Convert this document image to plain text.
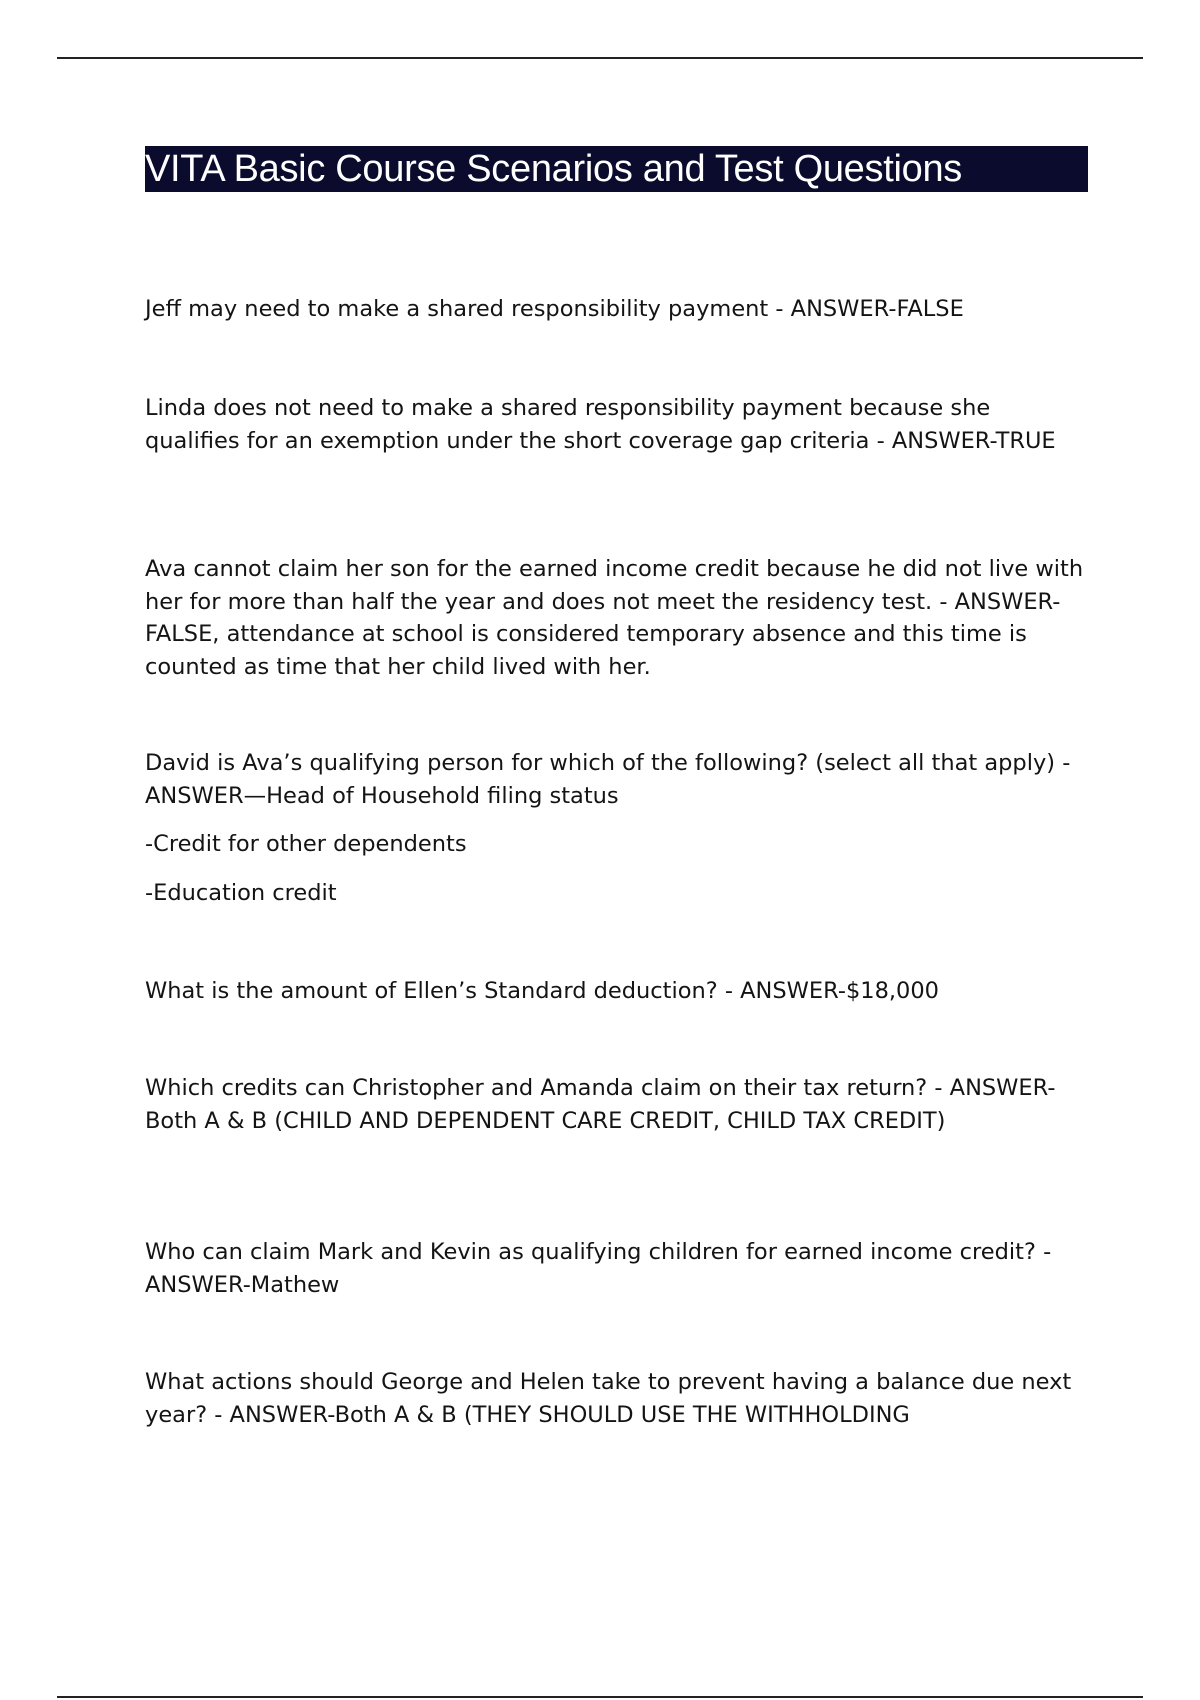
VITA Basic Course Scenarios and Test Questions

Jeff may need to make a shared responsibility payment - ANSWER-FALSE

Linda does not need to make a shared responsibility payment because she qualifies for an exemption under the short coverage gap criteria - ANSWER-TRUE

Ava cannot claim her son for the earned income credit because he did not live with her for more than half the year and does not meet the residency test. - ANSWER-FALSE, attendance at school is considered temporary absence and this time is counted as time that her child lived with her.

David is Ava’s qualifying person for which of the following? (select all that apply) - ANSWER—Head of Household filing status

-Credit for other dependents

-Education credit

What is the amount of Ellen’s Standard deduction? - ANSWER-$18,000

Which credits can Christopher and Amanda claim on their tax return? - ANSWER-Both A & B (CHILD AND DEPENDENT CARE CREDIT, CHILD TAX CREDIT)

Who can claim Mark and Kevin as qualifying children for earned income credit? - ANSWER-Mathew

What actions should George and Helen take to prevent having a balance due next year? - ANSWER-Both A & B (THEY SHOULD USE THE WITHHOLDING
